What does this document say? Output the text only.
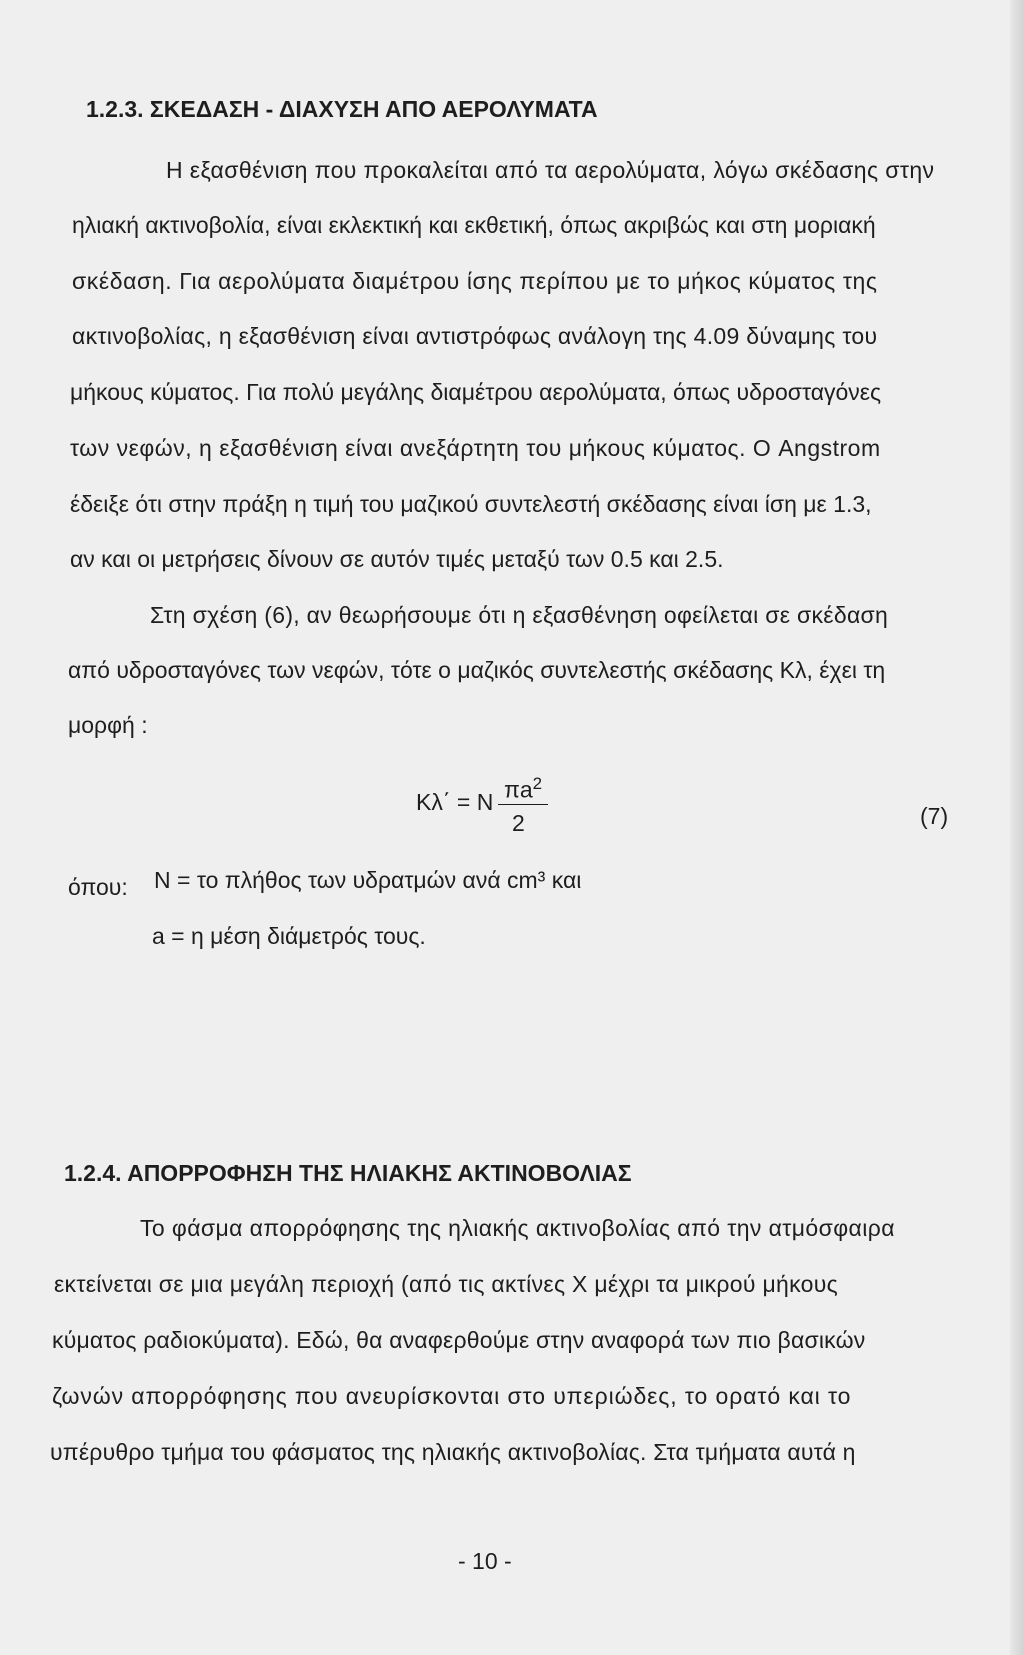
1.2.3. ΣΚΕΔΑΣΗ - ΔΙΑΧΥΣΗ ΑΠΟ ΑΕΡΟΛΥΜΑΤΑ
Η εξασθένιση που προκαλείται από τα αερολύματα, λόγω σκέδασης στην
ηλιακή ακτινοβολία, είναι εκλεκτική και εκθετική, όπως ακριβώς και στη μοριακή
σκέδαση. Για αερολύματα διαμέτρου ίσης περίπου με το μήκος κύματος της
ακτινοβολίας, η εξασθένιση είναι αντιστρόφως ανάλογη της 4.09 δύναμης του
μήκους κύματος. Για πολύ μεγάλης διαμέτρου αερολύματα, όπως υδροσταγόνες
των νεφών, η εξασθένιση είναι ανεξάρτητη του μήκους κύματος. Ο Angstrom
έδειξε ότι στην πράξη η τιμή του μαζικού συντελεστή σκέδασης είναι ίση με 1.3,
αν και οι μετρήσεις δίνουν σε αυτόν τιμές μεταξύ των 0.5 και 2.5.
Στη σχέση (6), αν θεωρήσουμε ότι η εξασθένηση οφείλεται σε σκέδαση
από υδροσταγόνες των νεφών, τότε ο μαζικός συντελεστής σκέδασης Κλ, έχει τη
μορφή :
Κλ΄ = Ν $\pi a^2$
2	(7)
όπου: Ν = το πλήθος των υδρατμών ανά cm³ και
a = η μέση διάμετρός τους.
1.2.4. ΑΠΟΡΡΟΦΗΣΗ ΤΗΣ ΗΛΙΑΚΗΣ ΑΚΤΙΝΟΒΟΛΙΑΣ
Το φάσμα απορρόφησης της ηλιακής ακτινοβολίας από την ατμόσφαιρα
εκτείνεται σε μια μεγάλη περιοχή (από τις ακτίνες Χ μέχρι τα μικρού μήκους
κύματος ραδιοκύματα). Εδώ, θα αναφερθούμε στην αναφορά των πιο βασικών
ζωνών απορρόφησης που ανευρίσκονται στο υπεριώδες, το ορατό και το
υπέρυθρο τμήμα του φάσματος της ηλιακής ακτινοβολίας. Στα τμήματα αυτά η
- 10 -
